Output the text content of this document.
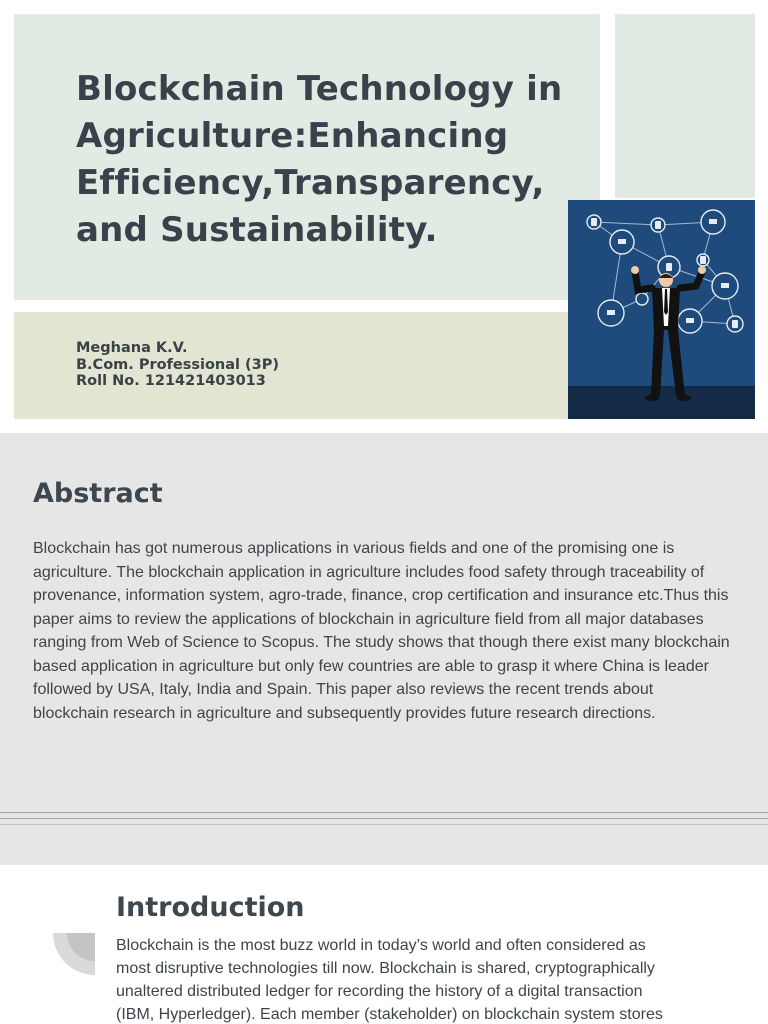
Blockchain Technology in
Agriculture:Enhancing
Efficiency,Transparency,
and Sustainability.
Meghana K.V.
B.Com. Professional (3P)
Roll No. 121421403013
Abstract

Blockchain has got numerous applications in various fields and one of the promising one is agriculture. The blockchain application in agriculture includes food safety through traceability of provenance, information system, agro-trade, finance, crop certification and insurance etc.Thus this paper aims to review the applications of blockchain in agriculture field from all major databases ranging from Web of Science to Scopus. The study shows that though there exist many blockchain based application in agriculture but only few countries are able to grasp it where China is leader followed by USA, Italy, India and Spain. This paper also reviews the recent trends about blockchain research in agriculture and subsequently provides future research directions.

Introduction

Blockchain is the most buzz world in today’s world and often considered as most disruptive technologies till now. Blockchain is shared, cryptographically unaltered distributed ledger for recording the history of a digital transaction (IBM, Hyperledger). Each member (stakeholder) on blockchain system stores
